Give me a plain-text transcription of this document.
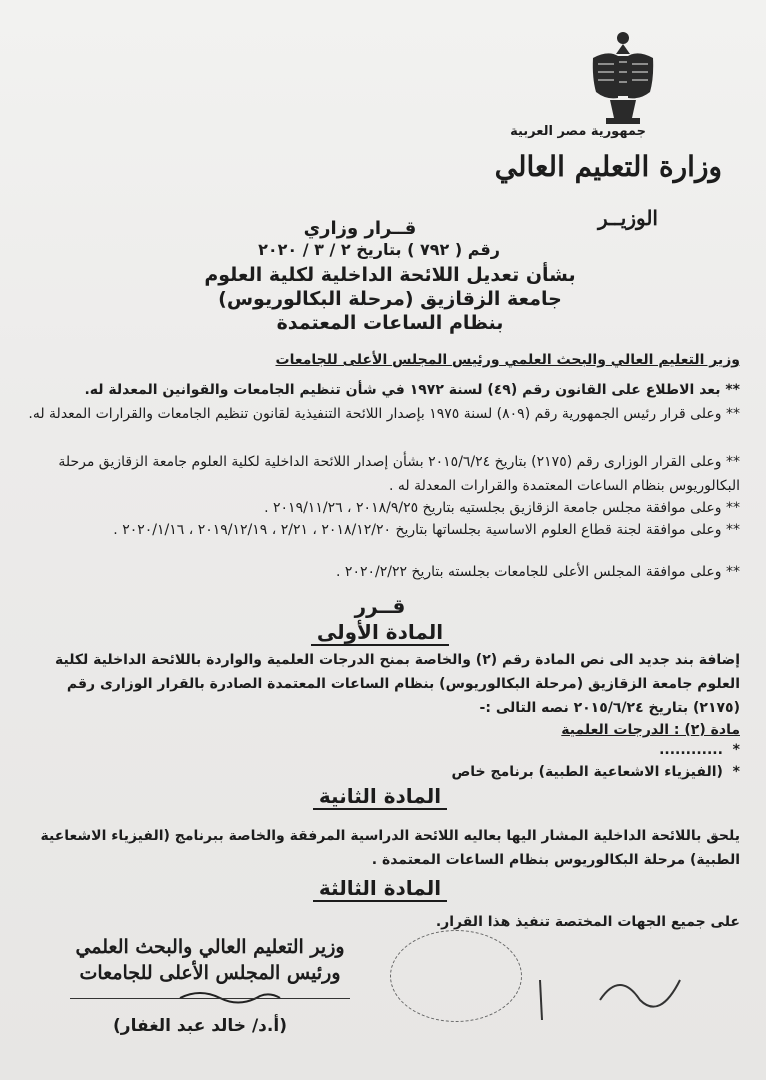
جمهورية مصر العربية
وزارة التعليم العالي
الوزيــر
قــرار وزاري
رقم ( ٧٩٢ ) بتاريخ ٢ / ٣ / ٢٠٢٠
بشأن تعديل اللائحة الداخلية لكلية العلوم
جامعة الزقازيق (مرحلة البكالوريوس)
بنظام الساعات المعتمدة
وزير التعليم العالي والبحث العلمي ورئيس المجلس الأعلى للجامعات
** بعد الاطلاع على القانون رقم (٤٩) لسنة ١٩٧٢ في شأن تنظيم الجامعات والقوانين المعدلة له.
** وعلى قرار رئيس الجمهورية رقم (٨٠٩) لسنة ١٩٧٥ بإصدار اللائحة التنفيذية لقانون تنظيم الجامعات والقرارات المعدلة له.
** وعلى القرار الوزارى رقم (٢١٧٥) بتاريخ ٢٠١٥/٦/٢٤ بشأن إصدار اللائحة الداخلية لكلية العلوم جامعة الزقازيق مرحلة البكالوريوس بنظام الساعات المعتمدة والقرارات المعدلة له .
** وعلى موافقة مجلس جامعة الزقازيق بجلستيه بتاريخ ٢٠١٨/٩/٢٥ ، ٢٠١٩/١١/٢٦ .
** وعلى موافقة لجنة قطاع العلوم الاساسية بجلساتها بتاريخ ٢٠١٨/١٢/٢٠ ، ٢/٢١ ، ٢٠١٩/١٢/١٩ ، ٢٠٢٠/١/١٦ .
** وعلى موافقة المجلس الأعلى للجامعات بجلسته بتاريخ ٢٠٢٠/٢/٢٢ .
قــرر
المادة الأولى
إضافة بند جديد الى نص المادة رقم (٢) والخاصة بمنح الدرجات العلمية والواردة باللائحة الداخلية لكلية العلوم جامعة الزقازيق (مرحلة البكالوريوس) بنظام الساعات المعتمدة الصادرة بالقرار الوزارى رقم (٢١٧٥) بتاريخ ٢٠١٥/٦/٢٤ نصه التالى :-
مادة (٢) : الدرجات العلمية
*  ............
*  (الفيزياء الاشعاعية الطبية) برنامج خاص
المادة الثانية
يلحق باللائحة الداخلية المشار اليها بعاليه اللائحة الدراسية المرفقة والخاصة ببرنامج (الفيزياء الاشعاعية الطبية) مرحلة البكالوريوس بنظام الساعات المعتمدة .
المادة الثالثة
على جميع الجهات المختصة تنفيذ هذا القرار.
وزير التعليم العالي والبحث العلمي
ورئيس المجلس الأعلى للجامعات
(أ.د/ خالد عبد الغفار)
